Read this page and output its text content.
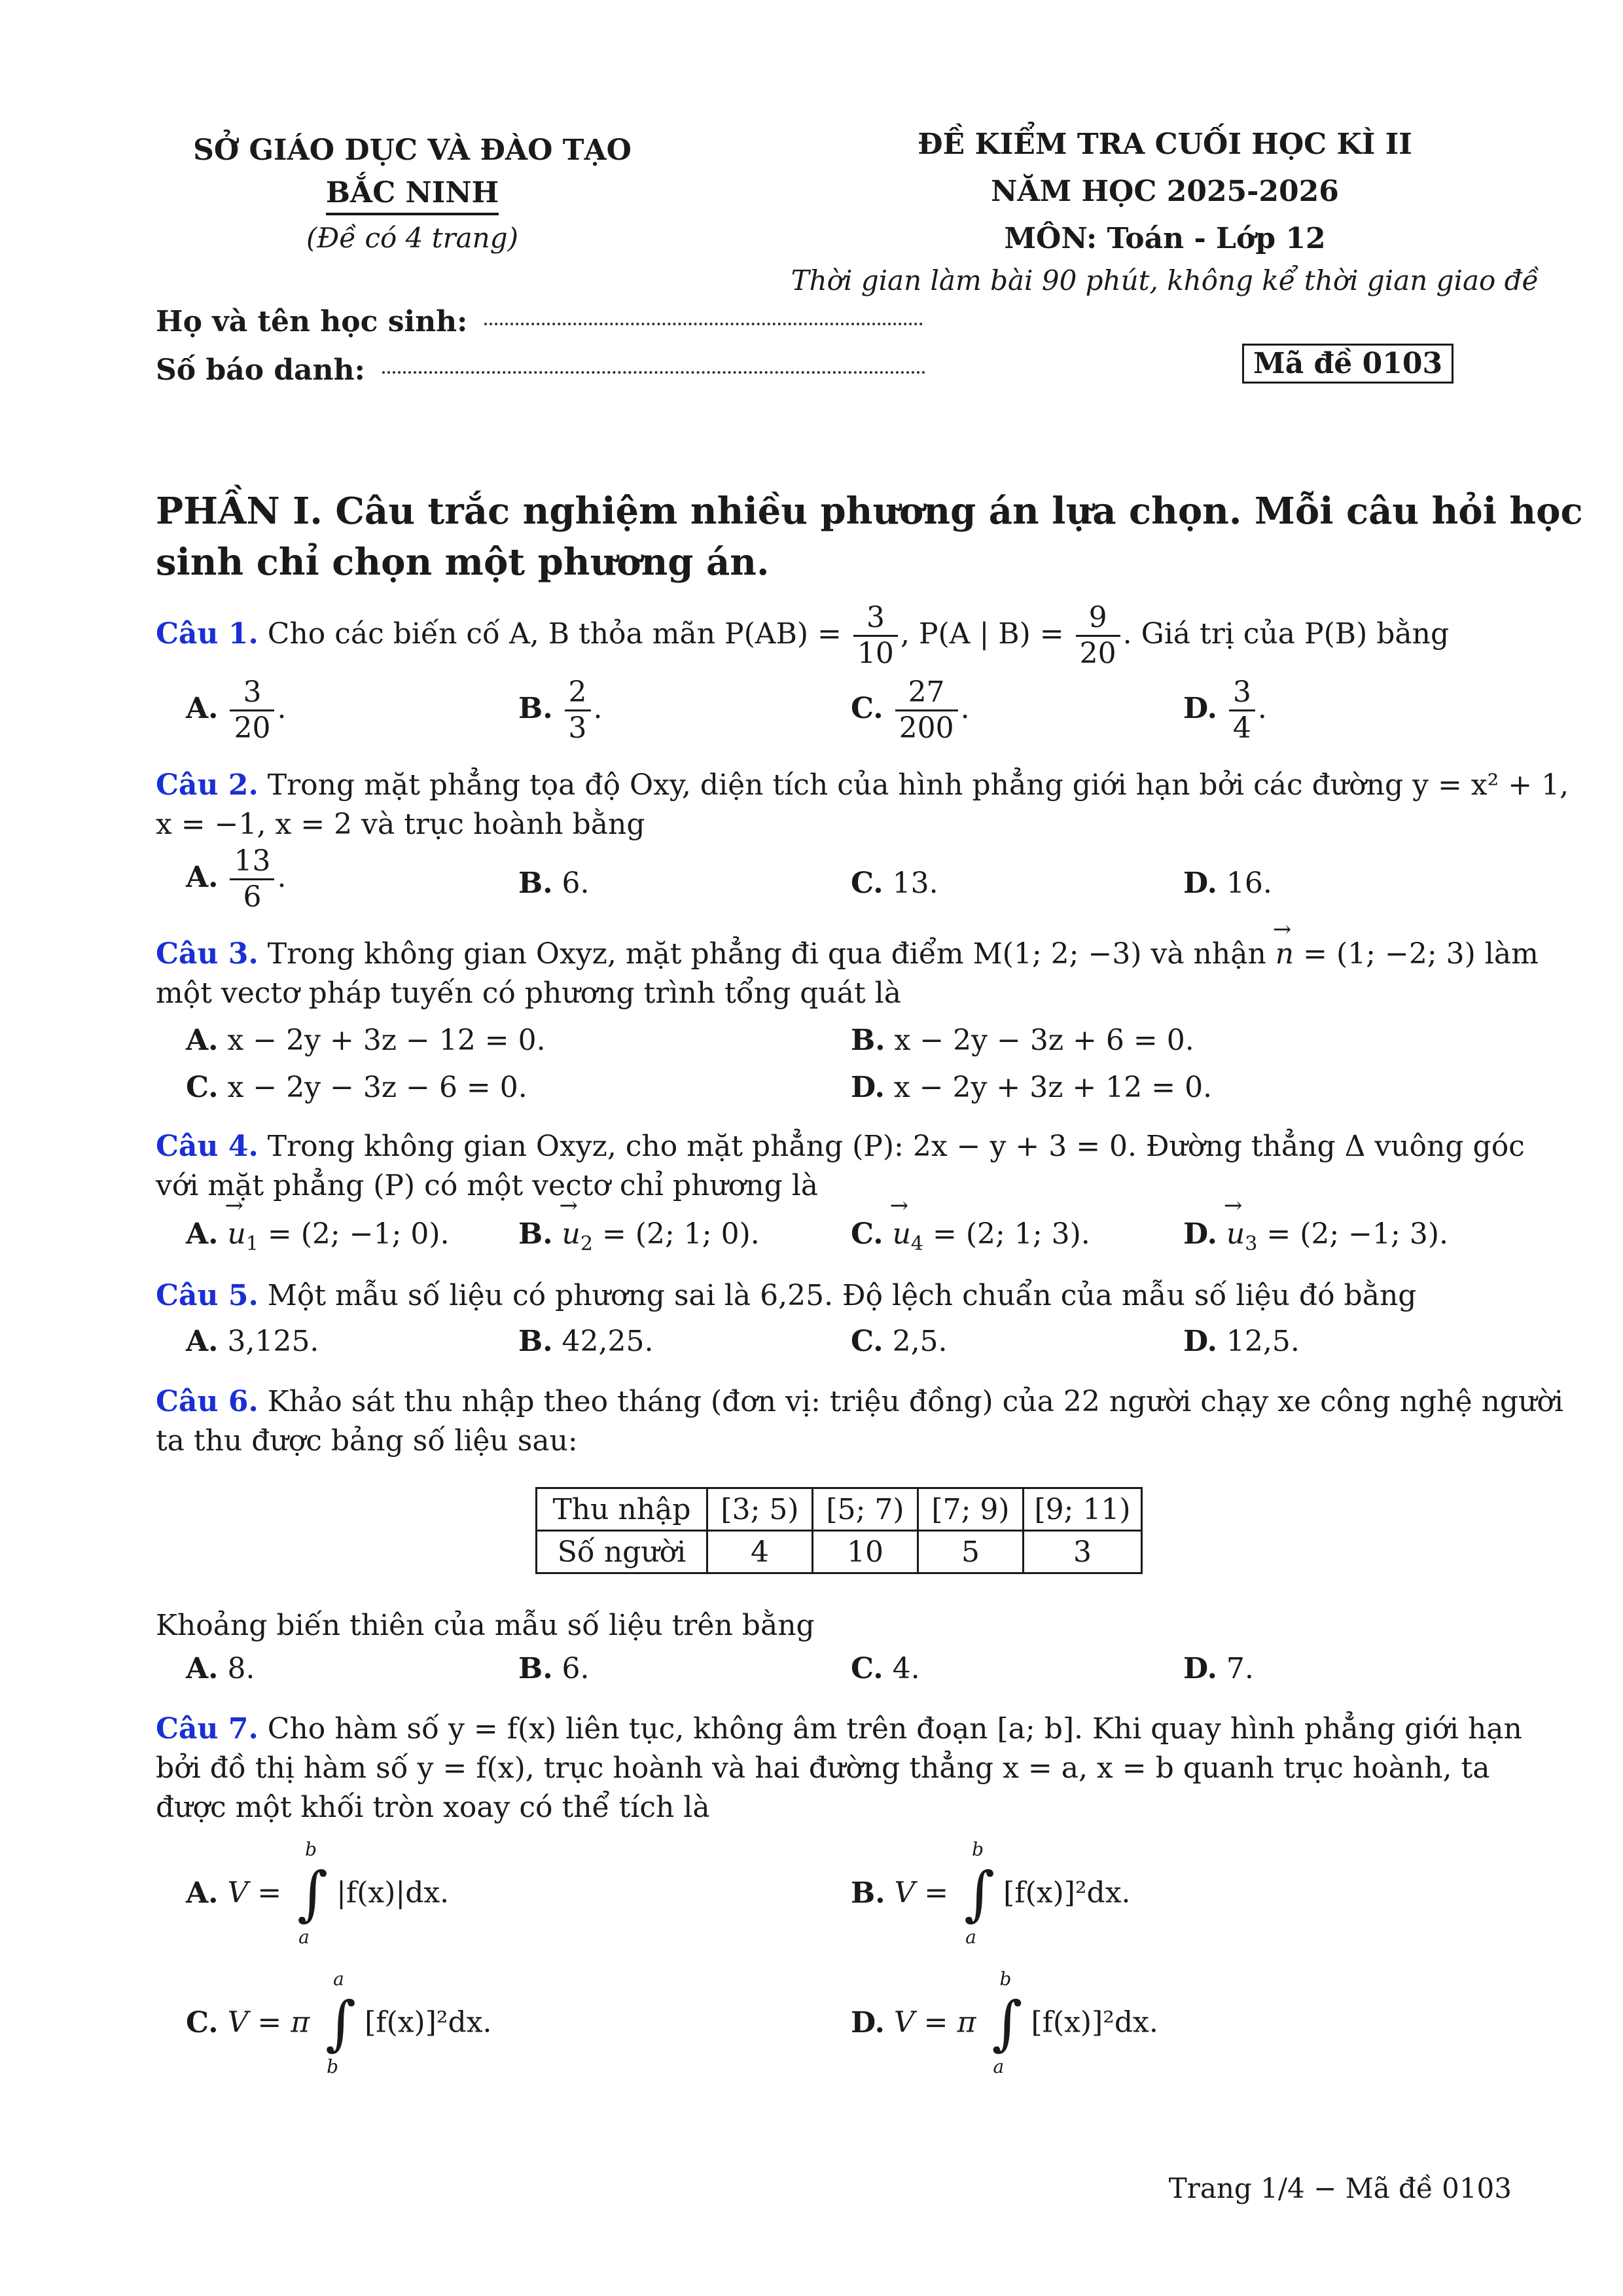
SỞ GIÁO DỤC VÀ ĐÀO TẠO
BẮC NINH
(Đề có 4 trang)
ĐỀ KIỂM TRA CUỐI HỌC KÌ II
NĂM HỌC 2025-2026
MÔN: Toán - Lớp 12
Thời gian làm bài 90 phút, không kể thời gian giao đề
Họ và tên học sinh:
Số báo danh:	Mã đề 0103
PHẦN I. Câu trắc nghiệm nhiều phương án lựa chọn. Mỗi câu hỏi học
sinh chỉ chọn một phương án.
Câu 1. Cho các biến cố A, B thỏa mãn $P(AB) = \frac{3}{10}$ , P(A | $B) = \frac{9}{20}$ . Giá trị của P(B) bằng
A. $\frac{3}{20}$ .	B. $\frac{2}{3}$ .	C. $\frac{27}{200}$ .	D. $\frac{3}{4}$ .
Câu 2. Trong mặt phẳng tọa độ Oxy, diện tích của hình phẳng giới hạn bởi các đường y = x² + 1,
x = −1, x = 2 và trục hoành bằng
A. $\frac{13}{6}$ .	B. 6.	C. 13.	D. 16.
Câu 3. Trong không gian Oxyz, mặt phẳng đi qua điểm M(1; 2; −3) và nhận → n = (1; −2; 3) làm
một vectơ pháp tuyến có phương trình tổng quát là
A. x − 2y + 3z − 12 = 0.	B. x − 2y − 3z + 6 = 0.
C. x − 2y − 3z − 6 = 0.	D. x − 2y + 3z + 12 = 0.
Câu 4. Trong không gian Oxyz, cho mặt phẳng (P): 2x − y + 3 = 0. Đường thẳng Δ vuông góc
với mặt phẳng (P) có một vectơ chỉ phương là
A. → $u_1 = (2$; −1; 0). B. → $u_2 = (2$; 1; 0).	C. → $u_4 = (2$; 1; 3).	D. → $u_3 = (2$; −1; 3).
Câu 5. Một mẫu số liệu có phương sai là 6,25. Độ lệch chuẩn của mẫu số liệu đó bằng
A. 3,125.	B. 42,25.	C. 2,5.	D. 12,5.
Câu 6. Khảo sát thu nhập theo tháng (đơn vị: triệu đồng) của 22 người chạy xe công nghệ người
ta thu được bảng số liệu sau:
Thu nhập	[3; 5)	[5; 7)	[7; 9)	[9; 11)
Số người	4	10	5	3
Khoảng biến thiên của mẫu số liệu trên bằng
A. 8.	B. 6.	C. 4.	D. 7.
Câu 7. Cho hàm số y = f(x) liên tục, không âm trên đoạn [a; b]. Khi quay hình phẳng giới hạn
bởi đồ thị hàm số y = f(x), trục hoành và hai đường thẳng x = a, x = b quanh trục hoành, ta
được một khối tròn xoay có thể tích là
A. V =
b
∫
a
|f(x)|dx.	B. V =
b
∫
a
[f(x)]²dx.
C. V = π
a
∫
b
[f(x)]²dx.	D. V = π
b
∫
a
[f(x)]²dx.
Trang 1/4 − Mã đề 0103
